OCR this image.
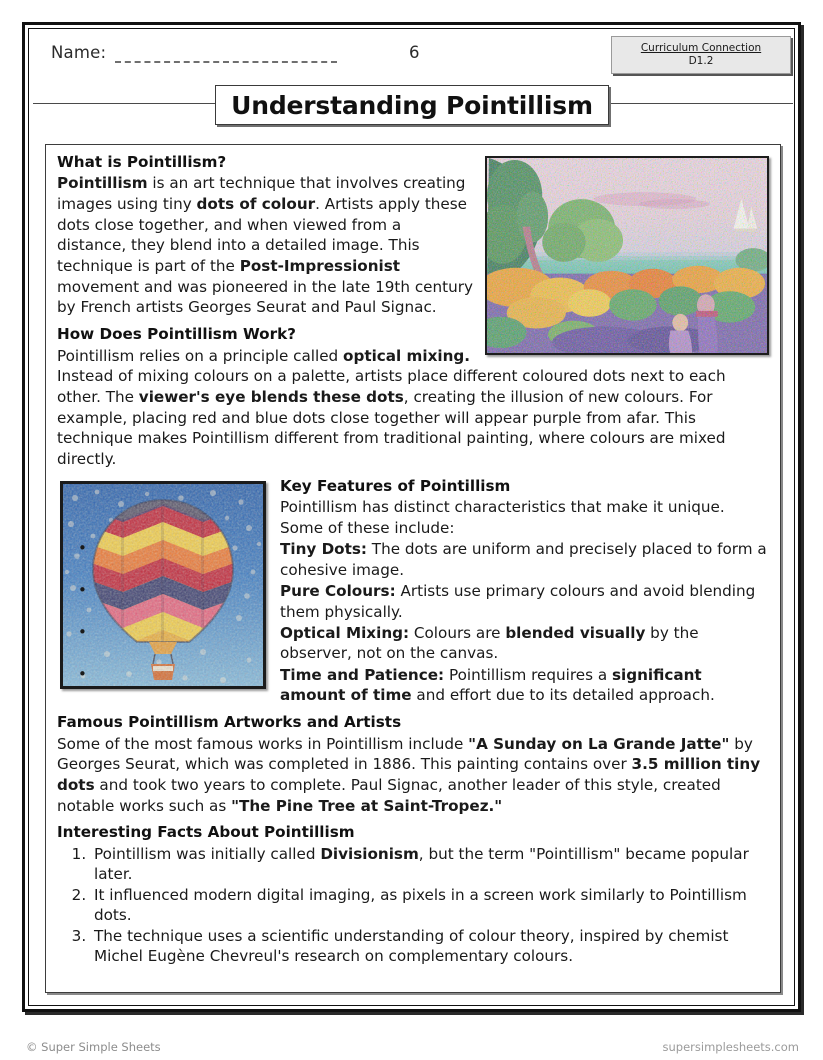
Name:	6	Curriculum Connection
D1.2
Understanding Pointillism
What is Pointillism?

Pointillism is an art technique that involves creating images using tiny dots of colour. Artists apply these dots close together, and when viewed from a distance, they blend into a detailed image. This technique is part of the Post-Impressionist movement and was pioneered in the late 19th century by French artists Georges Seurat and Paul Signac.

How Does Pointillism Work?

Pointillism relies on a principle called optical mixing.

Instead of mixing colours on a palette, artists place different coloured dots next to each other. The viewer's eye blends these dots, creating the illusion of new colours. For example, placing red and blue dots close together will appear purple from afar. This technique makes Pointillism different from traditional painting, where colours are mixed directly.

Key Features of Pointillism

Pointillism has distinct characteristics that make it unique. Some of these include:

• Tiny Dots: The dots are uniform and precisely placed to form a cohesive image.
• Pure Colours: Artists use primary colours and avoid blending them physically.
• Optical Mixing: Colours are blended visually by the observer, not on the canvas.
• Time and Patience: Pointillism requires a significant amount of time and effort due to its detailed approach.
Famous Pointillism Artworks and Artists

Some of the most famous works in Pointillism include "A Sunday on La Grande Jatte" by Georges Seurat, which was completed in 1886. This painting contains over 3.5 million tiny dots and took two years to complete. Paul Signac, another leader of this style, created notable works such as "The Pine Tree at Saint-Tropez."

Interesting Facts About Pointillism
1. Pointillism was initially called Divisionism, but the term "Pointillism" became popular later.
2. It influenced modern digital imaging, as pixels in a screen work similarly to Pointillism dots.
3. The technique uses a scientific understanding of colour theory, inspired by chemist Michel Eugène Chevreul's research on complementary colours.
© Super Simple Sheets	supersimplesheets.com
